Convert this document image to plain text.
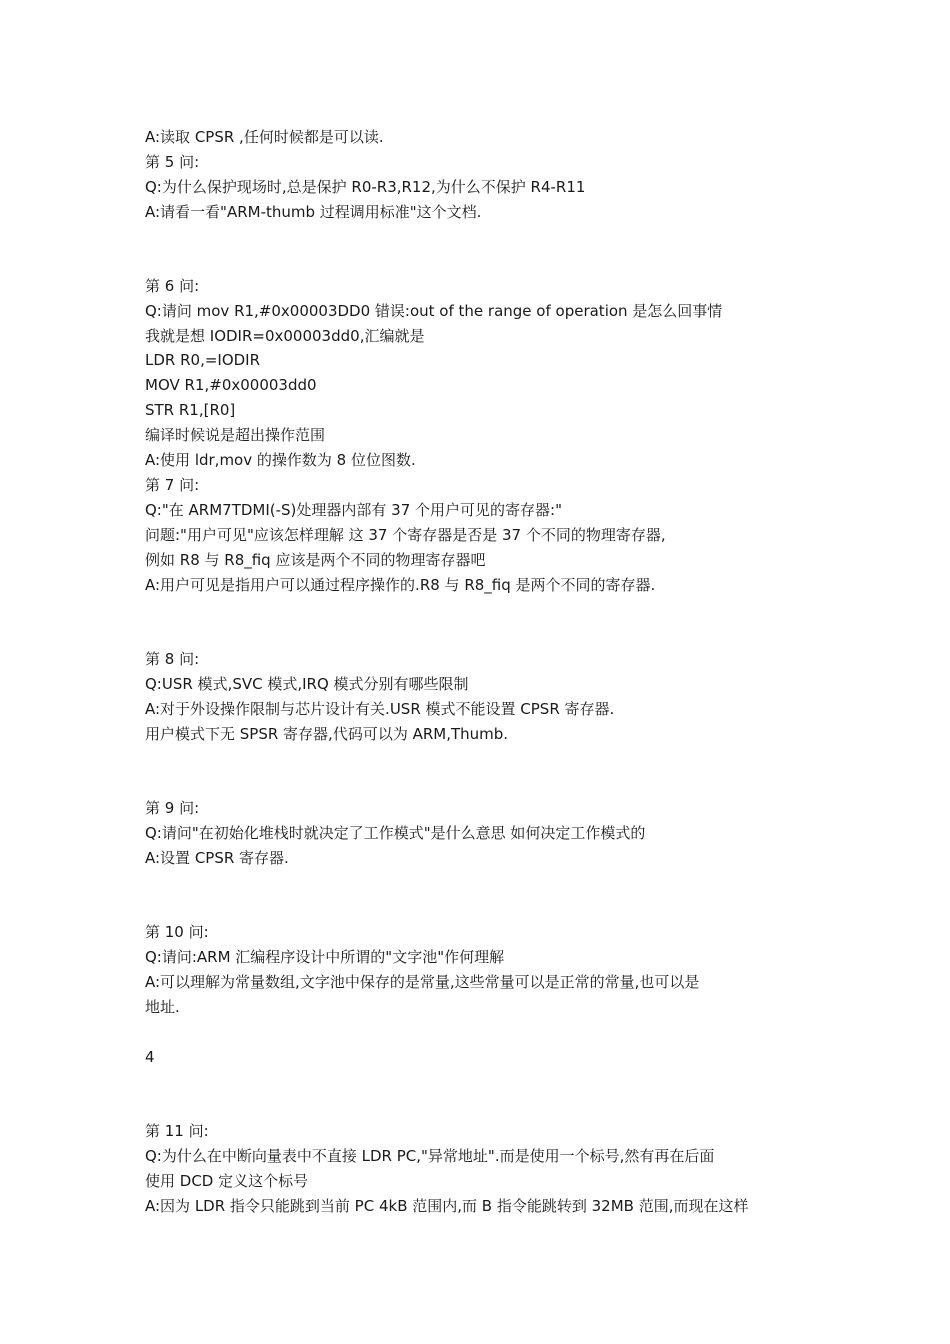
A:读取 CPSR ,任何时候都是可以读.
第 5 问:
Q:为什么保护现场时,总是保护 R0-R3,R12,为什么不保护 R4-R11
A:请看一看"ARM-thumb 过程调用标准"这个文档.
第 6 问:
Q:请问 mov R1,#0x00003DD0 错误:out of the range of operation 是怎么回事情
我就是想 IODIR=0x00003dd0,汇编就是
LDR R0,=IODIR
MOV R1,#0x00003dd0
STR R1,[R0]
编译时候说是超出操作范围
A:使用 ldr,mov 的操作数为 8 位位图数.
第 7 问:
Q:"在 ARM7TDMI(-S)处理器内部有 37 个用户可见的寄存器:"
问题:"用户可见"应该怎样理解 这 37 个寄存器是否是 37 个不同的物理寄存器,
例如 R8 与 R8_fiq 应该是两个不同的物理寄存器吧
A:用户可见是指用户可以通过程序操作的.R8 与 R8_fiq 是两个不同的寄存器.
第 8 问:
Q:USR 模式,SVC 模式,IRQ 模式分别有哪些限制
A:对于外设操作限制与芯片设计有关.USR 模式不能设置 CPSR 寄存器.
用户模式下无 SPSR 寄存器,代码可以为 ARM,Thumb.
第 9 问:
Q:请问"在初始化堆栈时就决定了工作模式"是什么意思 如何决定工作模式的
A:设置 CPSR 寄存器.
第 10 问:
Q:请问:ARM 汇编程序设计中所谓的"文字池"作何理解
A:可以理解为常量数组,文字池中保存的是常量,这些常量可以是正常的常量,也可以是
地址.
4
第 11 问:
Q:为什么在中断向量表中不直接 LDR PC,"异常地址".而是使用一个标号,然有再在后面
使用 DCD 定义这个标号
A:因为 LDR 指令只能跳到当前 PC 4kB 范围内,而 B 指令能跳转到 32MB 范围,而现在这样
